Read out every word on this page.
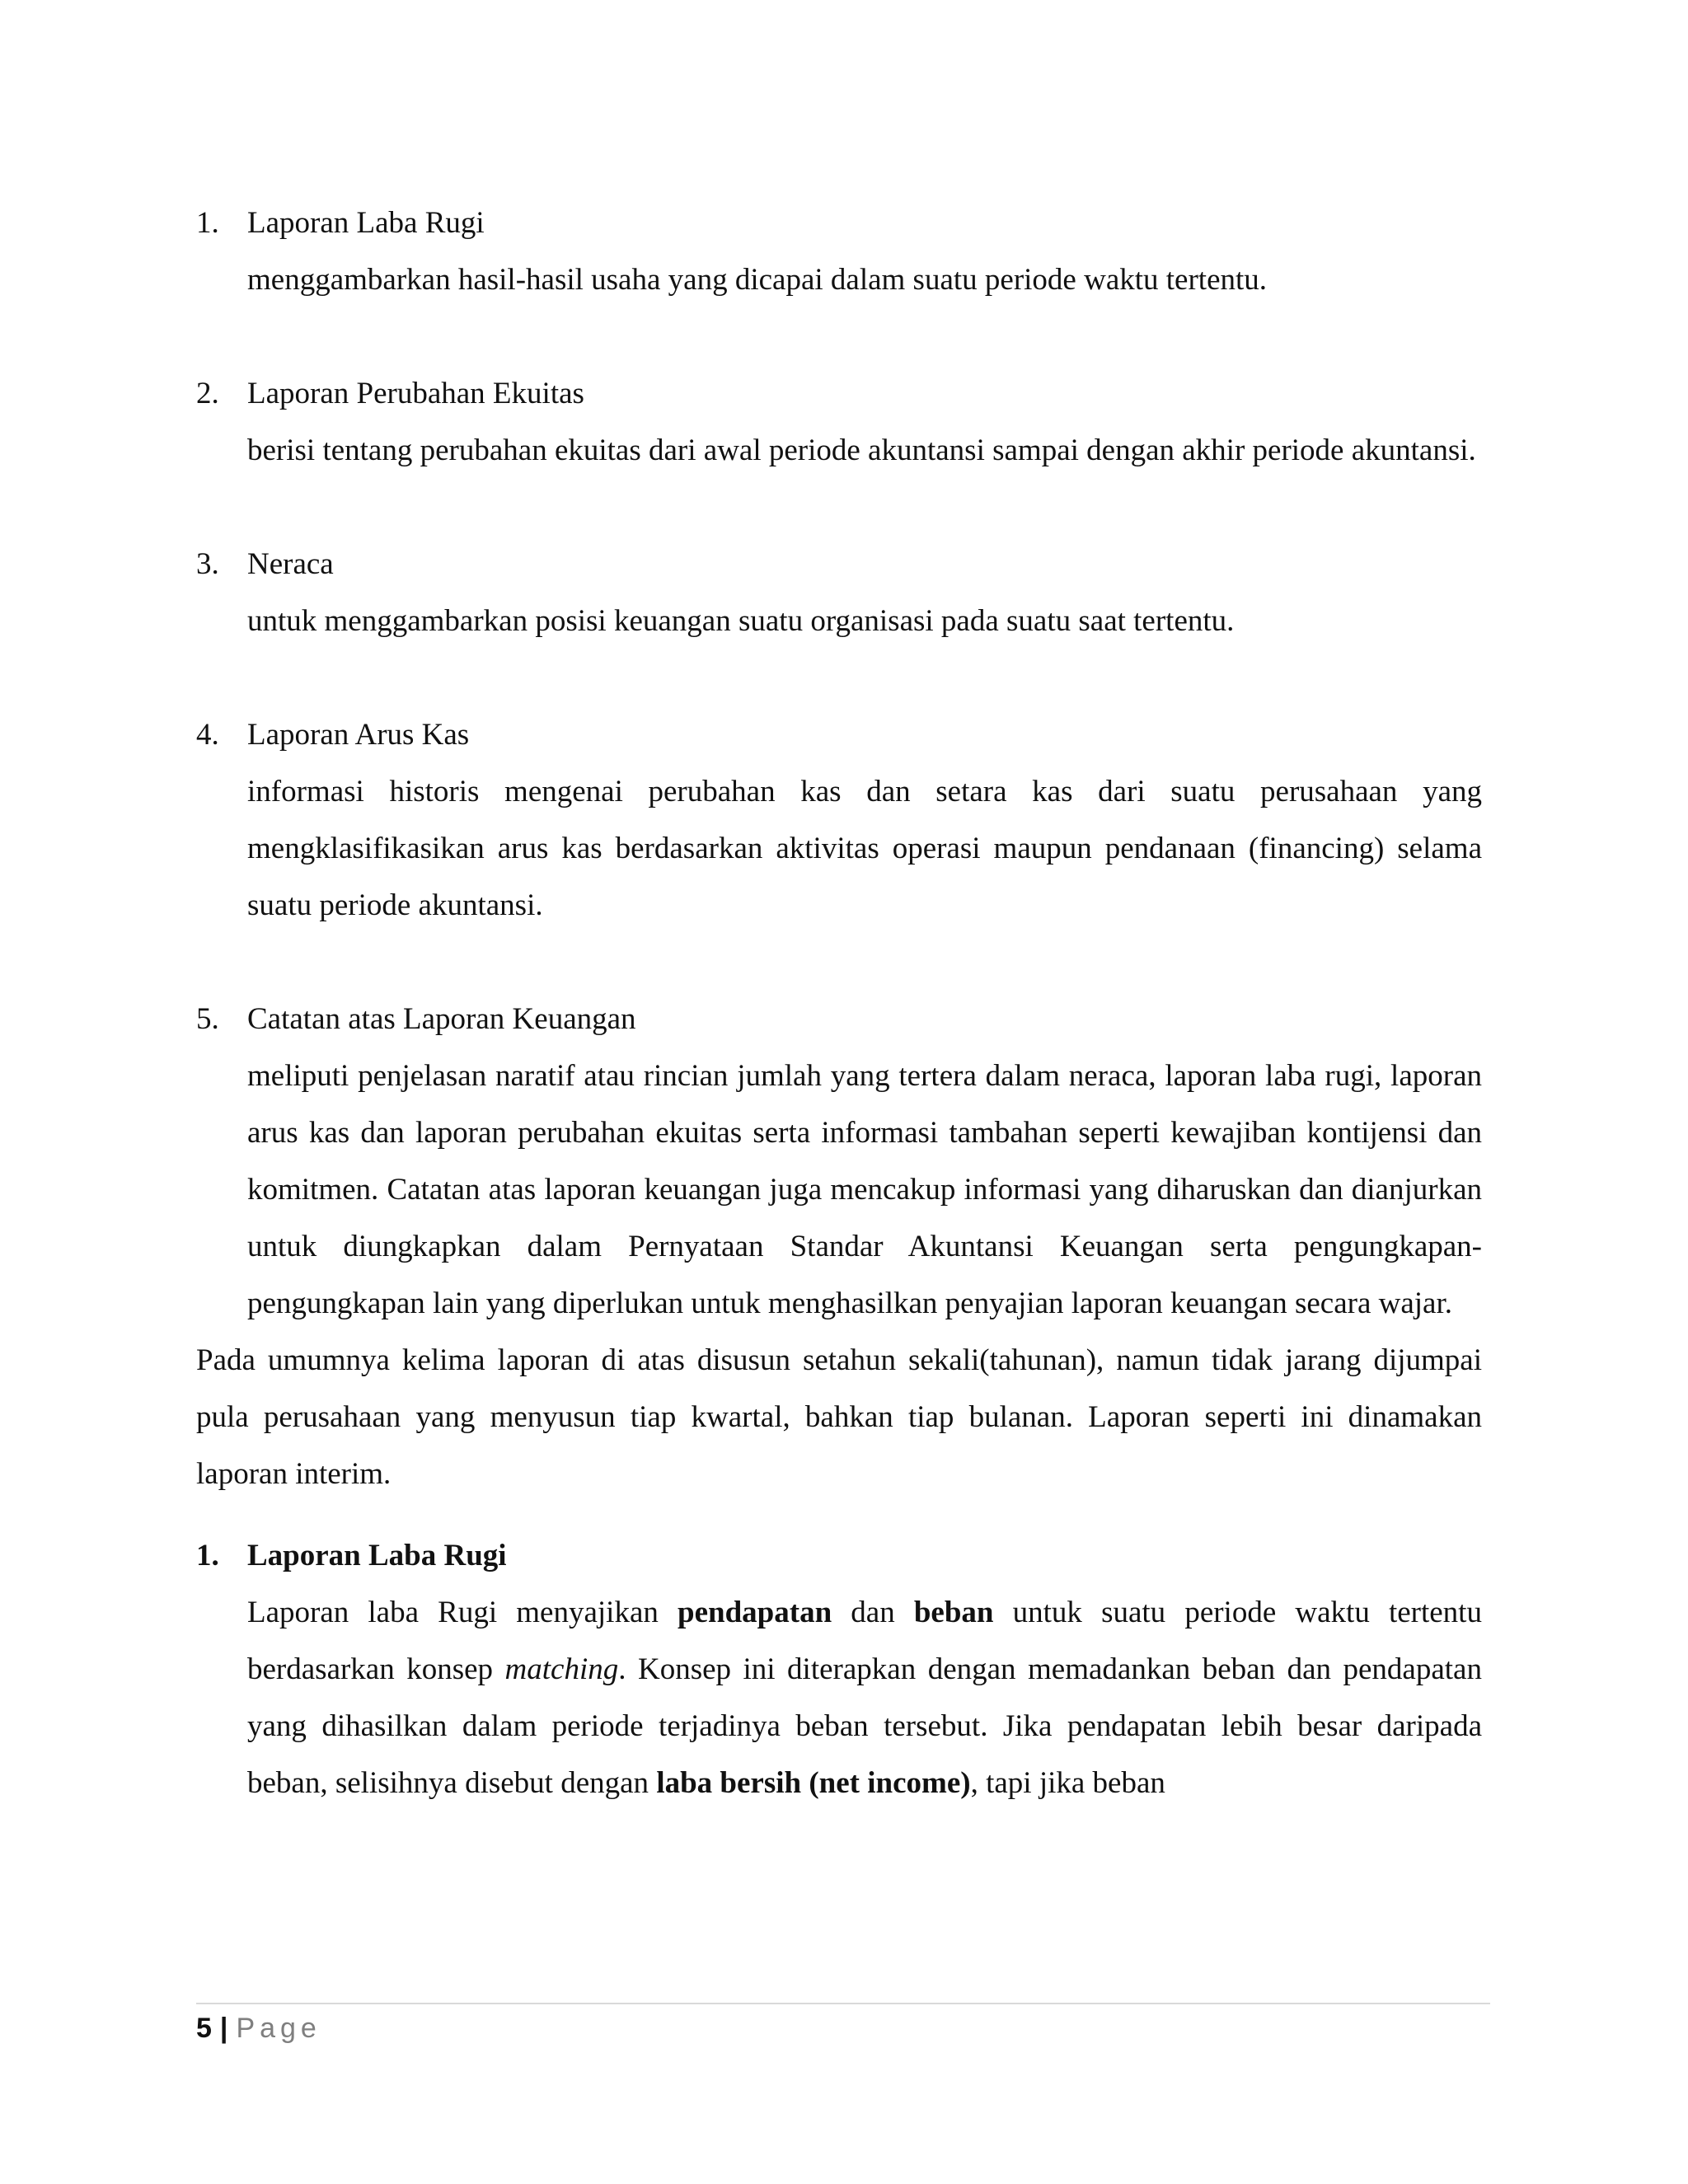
1. Laporan Laba Rugi
menggambarkan hasil-hasil usaha yang dicapai dalam suatu periode waktu tertentu.
2. Laporan Perubahan Ekuitas
berisi tentang perubahan ekuitas dari awal periode akuntansi sampai dengan akhir periode akuntansi.
3. Neraca
untuk menggambarkan posisi keuangan suatu organisasi pada suatu saat tertentu.
4. Laporan Arus Kas
informasi historis mengenai perubahan kas dan setara kas dari suatu perusahaan yang mengklasifikasikan arus kas berdasarkan aktivitas operasi maupun pendanaan (financing) selama suatu periode akuntansi.
5. Catatan atas Laporan Keuangan
meliputi penjelasan naratif atau rincian jumlah yang tertera dalam neraca, laporan laba rugi, laporan arus kas dan laporan perubahan ekuitas serta informasi tambahan seperti kewajiban kontijensi dan komitmen. Catatan atas laporan keuangan juga mencakup informasi yang diharuskan dan dianjurkan untuk diungkapkan dalam Pernyataan Standar Akuntansi Keuangan serta pengungkapan-pengungkapan lain yang diperlukan untuk menghasilkan penyajian laporan keuangan secara wajar.

Pada umumnya kelima laporan di atas disusun setahun sekali(tahunan), namun tidak jarang dijumpai pula perusahaan yang menyusun tiap kwartal, bahkan tiap bulanan. Laporan seperti ini dinamakan laporan interim.

1. Laporan Laba Rugi
Laporan laba Rugi menyajikan pendapatan dan beban untuk suatu periode waktu tertentu berdasarkan konsep matching. Konsep ini diterapkan dengan memadankan beban dan pendapatan yang dihasilkan dalam periode terjadinya beban tersebut. Jika pendapatan lebih besar daripada beban, selisihnya disebut dengan laba bersih (net income), tapi jika beban
5 | Page
